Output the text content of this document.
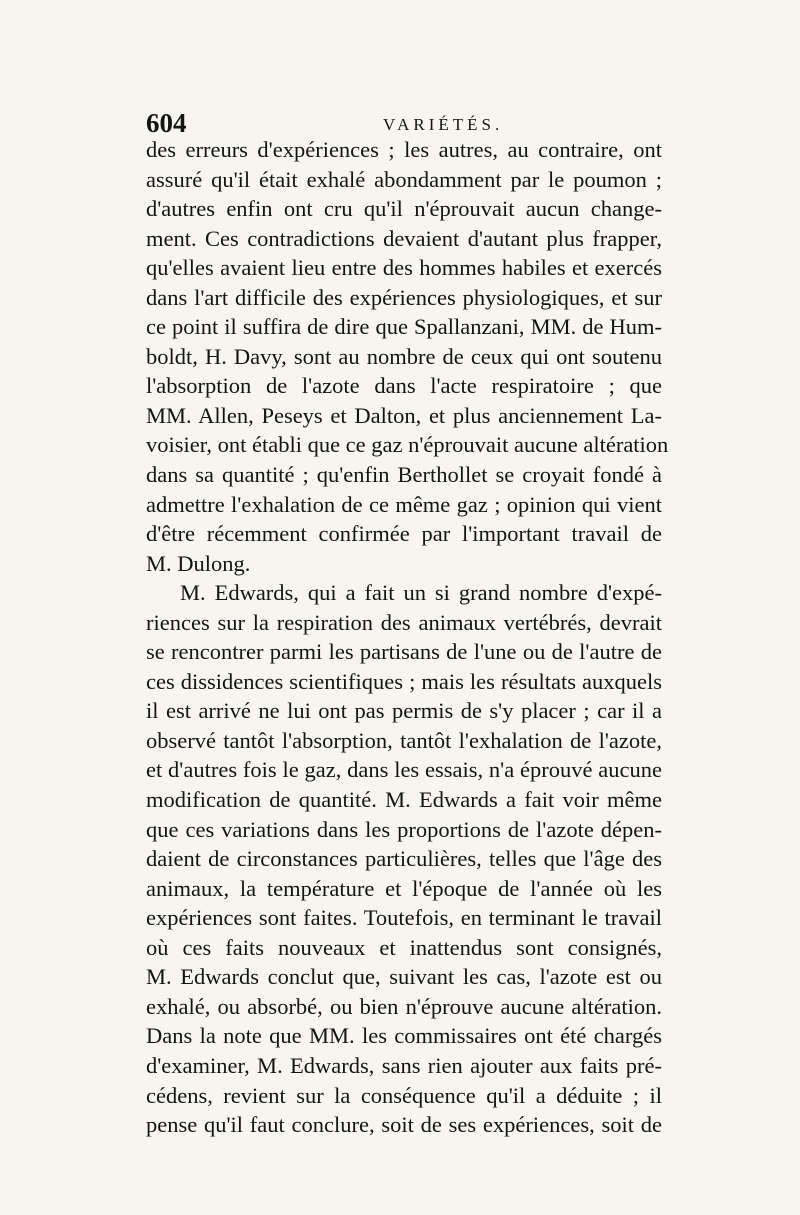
604	VARIÉTÉS.
des erreurs d'expériences ; les autres, au contraire, ont
assuré qu'il était exhalé abondamment par le poumon ;
d'autres enfin ont cru qu'il n'éprouvait aucun change-
ment. Ces contradictions devaient d'autant plus frapper,
qu'elles avaient lieu entre des hommes habiles et exercés
dans l'art difficile des expériences physiologiques, et sur
ce point il suffira de dire que Spallanzani, MM. de Hum-
boldt, H. Davy, sont au nombre de ceux qui ont soutenu
l'absorption de l'azote dans l'acte respiratoire ; que
MM. Allen, Peseys et Dalton, et plus anciennement La-
voisier, ont établi que ce gaz n'éprouvait aucune altération
dans sa quantité ; qu'enfin Berthollet se croyait fondé à
admettre l'exhalation de ce même gaz ; opinion qui vient
d'être récemment confirmée par l'important travail de
M. Dulong.
M. Edwards, qui a fait un si grand nombre d'expé-
riences sur la respiration des animaux vertébrés, devrait
se rencontrer parmi les partisans de l'une ou de l'autre de
ces dissidences scientifiques ; mais les résultats auxquels
il est arrivé ne lui ont pas permis de s'y placer ; car il a
observé tantôt l'absorption, tantôt l'exhalation de l'azote,
et d'autres fois le gaz, dans les essais, n'a éprouvé aucune
modification de quantité. M. Edwards a fait voir même
que ces variations dans les proportions de l'azote dépen-
daient de circonstances particulières, telles que l'âge des
animaux, la température et l'époque de l'année où les
expériences sont faites. Toutefois, en terminant le travail
où ces faits nouveaux et inattendus sont consignés,
M. Edwards conclut que, suivant les cas, l'azote est ou
exhalé, ou absorbé, ou bien n'éprouve aucune altération.
Dans la note que MM. les commissaires ont été chargés
d'examiner, M. Edwards, sans rien ajouter aux faits pré-
cédens, revient sur la conséquence qu'il a déduite ; il
pense qu'il faut conclure, soit de ses expériences, soit de
